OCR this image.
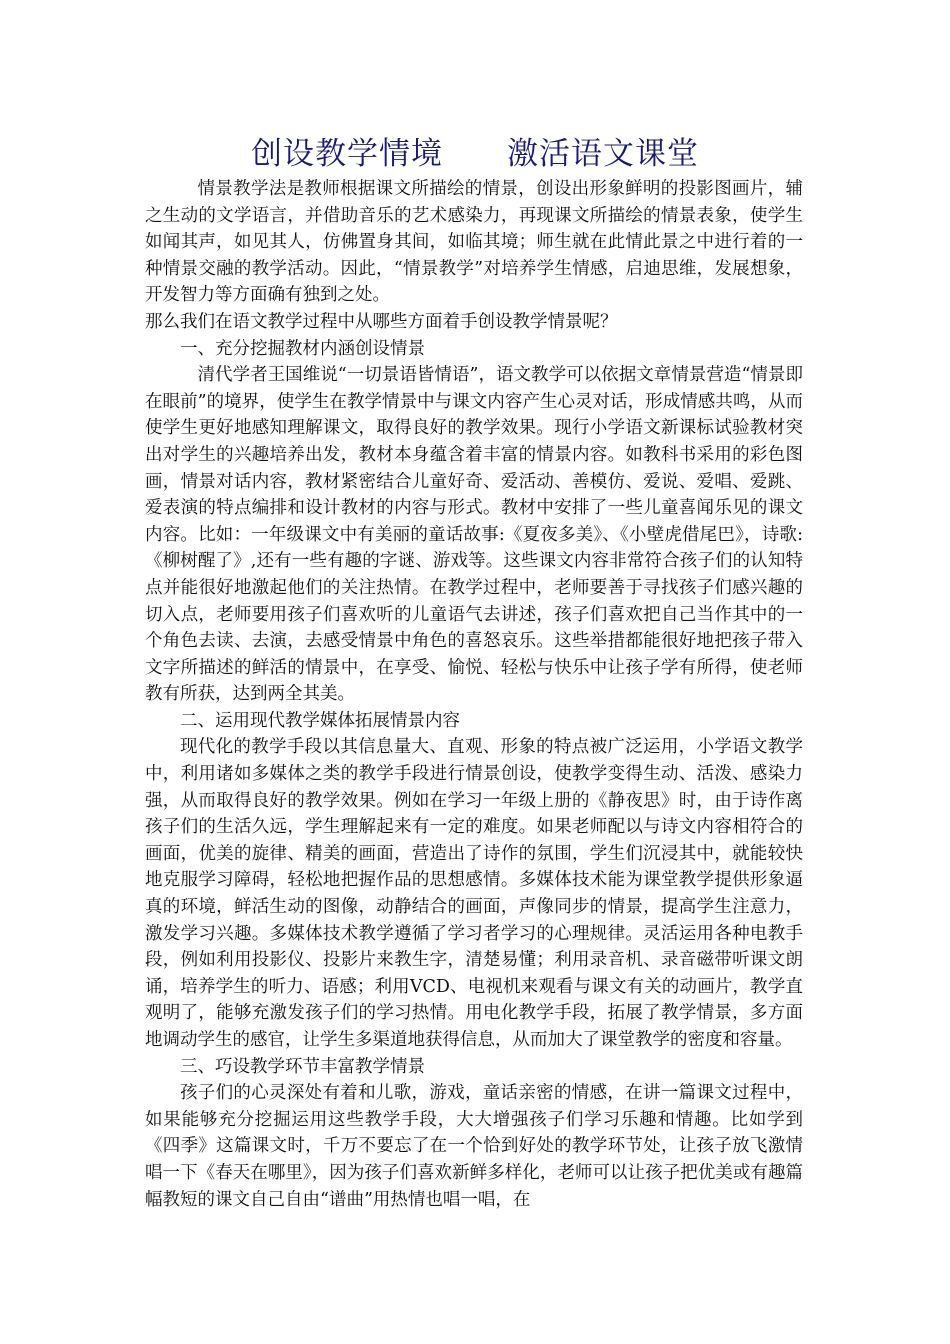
创设教学情境　　激活语文课堂

情景教学法是教师根据课文所描绘的情景，创设出形象鲜明的投影图画片，辅之生动的文学语言，并借助音乐的艺术感染力，再现课文所描绘的情景表象，使学生如闻其声，如见其人，仿佛置身其间，如临其境；师生就在此情此景之中进行着的一种情景交融的教学活动。因此，“情景教学”对培养学生情感，启迪思维，发展想象，开发智力等方面确有独到之处。

那么我们在语文教学过程中从哪些方面着手创设教学情景呢？

一、充分挖掘教材内涵创设情景

清代学者王国维说“一切景语皆情语”，语文教学可以依据文章情景营造“情景即在眼前”的境界，使学生在教学情景中与课文内容产生心灵对话，形成情感共鸣，从而使学生更好地感知理解课文，取得良好的教学效果。现行小学语文新课标试验教材突出对学生的兴趣培养出发，教材本身蕴含着丰富的情景内容。如教科书采用的彩色图画，情景对话内容，教材紧密结合儿童好奇、爱活动、善模仿、爱说、爱唱、爱跳、爱表演的特点编排和设计教材的内容与形式。教材中安排了一些儿童喜闻乐见的课文内容。比如：一年级课文中有美丽的童话故事:《夏夜多美》、《小壁虎借尾巴》，诗歌:《柳树醒了》,还有一些有趣的字谜、游戏等。这些课文内容非常符合孩子们的认知特点并能很好地激起他们的关注热情。在教学过程中，老师要善于寻找孩子们感兴趣的切入点，老师要用孩子们喜欢听的儿童语气去讲述，孩子们喜欢把自己当作其中的一个角色去读、去演，去感受情景中角色的喜怒哀乐。这些举措都能很好地把孩子带入文字所描述的鲜活的情景中，在享受、愉悦、轻松与快乐中让孩子学有所得，使老师教有所获，达到两全其美。

二、运用现代教学媒体拓展情景内容

现代化的教学手段以其信息量大、直观、形象的特点被广泛运用，小学语文教学中，利用诸如多媒体之类的教学手段进行情景创设，使教学变得生动、活泼、感染力强，从而取得良好的教学效果。例如在学习一年级上册的《静夜思》时，由于诗作离孩子们的生活久远，学生理解起来有一定的难度。如果老师配以与诗文内容相符合的画面，优美的旋律、精美的画面，营造出了诗作的氛围，学生们沉浸其中，就能较快地克服学习障碍，轻松地把握作品的思想感情。多媒体技术能为课堂教学提供形象逼真的环境，鲜活生动的图像，动静结合的画面，声像同步的情景，提高学生注意力，激发学习兴趣。多媒体技术教学遵循了学习者学习的心理规律。灵活运用各种电教手段，例如利用投影仪、投影片来教生字，清楚易懂；利用录音机、录音磁带听课文朗诵，培养学生的听力、语感；利用VCD、电视机来观看与课文有关的动画片，教学直观明了，能够充激发孩子们的学习热情。用电化教学手段，拓展了教学情景，多方面地调动学生的感官，让学生多渠道地获得信息，从而加大了课堂教学的密度和容量。

三、巧设教学环节丰富教学情景

孩子们的心灵深处有着和儿歌，游戏，童话亲密的情感，在讲一篇课文过程中，如果能够充分挖掘运用这些教学手段，大大增强孩子们学习乐趣和情趣。比如学到《四季》这篇课文时，千万不要忘了在一个恰到好处的教学环节处，让孩子放飞激情唱一下《春天在哪里》，因为孩子们喜欢新鲜多样化，老师可以让孩子把优美或有趣篇幅教短的课文自己自由“谱曲”用热情也唱一唱，在
